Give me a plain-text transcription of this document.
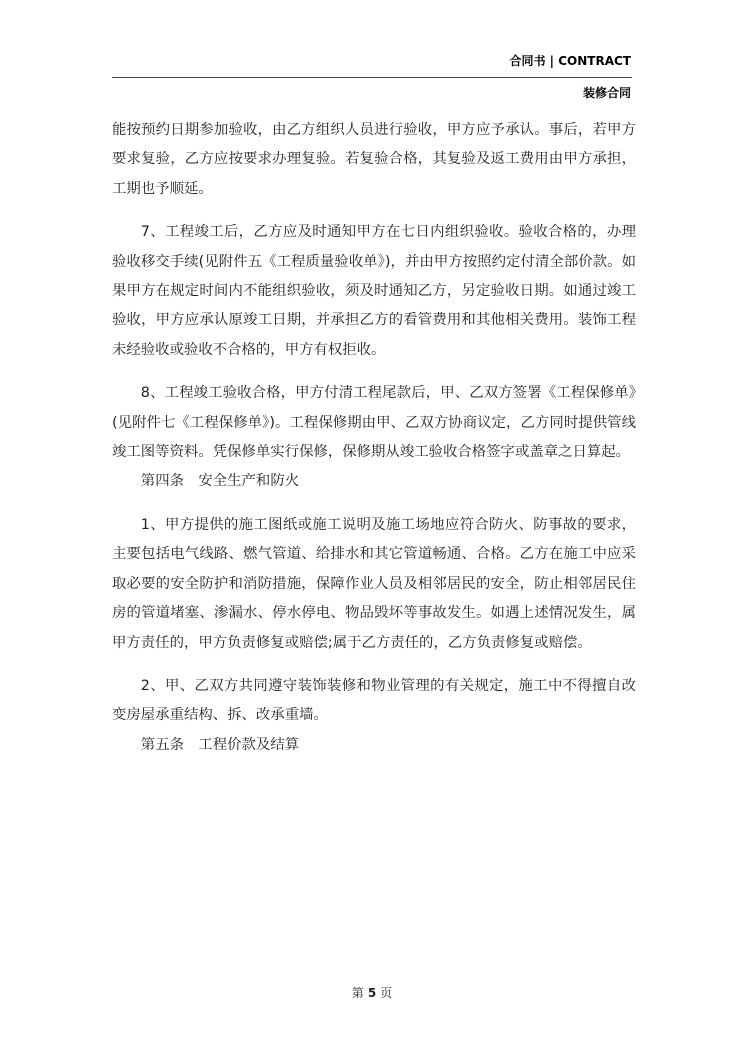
合同书 | CONTRACT
装修合同

能按预约日期参加验收，由乙方组织人员进行验收，甲方应予承认。事后，若甲方要求复验，乙方应按要求办理复验。若复验合格，其复验及返工费用由甲方承担，工期也予顺延。

7、工程竣工后，乙方应及时通知甲方在七日内组织验收。验收合格的，办理验收移交手续(见附件五《工程质量验收单》)，并由甲方按照约定付清全部价款。如果甲方在规定时间内不能组织验收，须及时通知乙方，另定验收日期。如通过竣工验收，甲方应承认原竣工日期，并承担乙方的看管费用和其他相关费用。装饰工程未经验收或验收不合格的，甲方有权拒收。

8、工程竣工验收合格，甲方付清工程尾款后，甲、乙双方签署《工程保修单》(见附件七《工程保修单》)。工程保修期由甲、乙双方协商议定，乙方同时提供管线竣工图等资料。凭保修单实行保修，保修期从竣工验收合格签字或盖章之日算起。

第四条　安全生产和防火

1、甲方提供的施工图纸或施工说明及施工场地应符合防火、防事故的要求，主要包括电气线路、燃气管道、给排水和其它管道畅通、合格。乙方在施工中应采取必要的安全防护和消防措施，保障作业人员及相邻居民的安全，防止相邻居民住房的管道堵塞、渗漏水、停水停电、物品毁坏等事故发生。如遇上述情况发生，属甲方责任的，甲方负责修复或赔偿;属于乙方责任的，乙方负责修复或赔偿。

2、甲、乙双方共同遵守装饰装修和物业管理的有关规定，施工中不得擅自改变房屋承重结构、拆、改承重墙。

第五条　工程价款及结算

第 5 页
